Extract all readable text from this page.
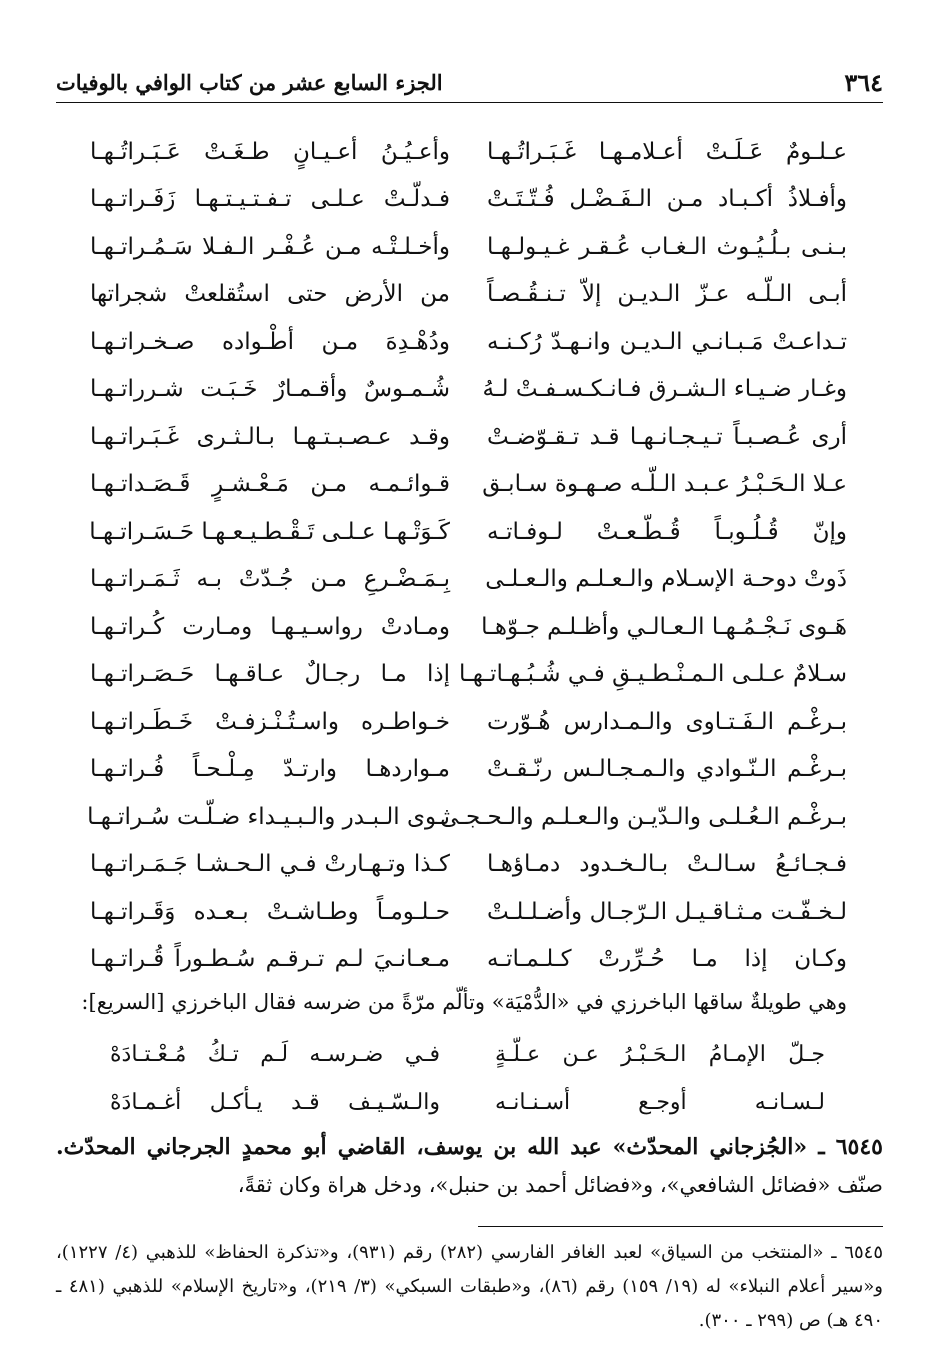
٣٦٤
الجزء السابع عشر من كتاب الوافي بالوفيات
عـلـومٌ عَـلَـتْ أعـلامـهـا غَـبَـراتُـهـا
وأعـيُـنُ أعـيـانٍ طـغَـتْ عَـبَـراتُـهـا
وأفـلاذُ أكـبـاد مـن الـفَـضْـل فُـتّـتَـتْ
فـدلّـتْ عـلـى تـفـتـيـتـهـا زَفَـراتـهـا
بـنـى بـلُـيُـوث الـغـاب عُـقـر غـيـولـهـا
وأخـلـتْـه مـن عُـفْـر الـفـلا سَـمُـراتـهـا
أبـى الـلّـه عـزّ الـديـن إلاّ تـنـقُـصـاً
من الأرض حتى استُقلعتْ شجراتها
تـداعـتْ مَـبـانـي الـديـن وانـهـدّ رُكـنـه
ودُهْـدِهَ مـن أطْـواده صـخـراتـهـا
وغـار ضـيـاء الـشـرق فـانـكـسـفـتْ لـهُ
شُـمـوسٌ وأقـمـارٌ خَـبَـت شـرراتـهـا
أرى عُـصـبـاً تـيـجـانـهـا قـد تـقـوّضـتْ
وقـد عـصـبـتـهـا بـالـثـرى غَـبَـراتـهـا
عـلا الـحَـبْـرُ عـبـد الـلّـه صـهـوة سـابـق
قـوائـمـه مـن مَـعْـشـرٍ قَـصَـداتـهـا
وإنّ قُـلُـوبـاً قُـطّـعـتْ لـوفـاتـه
كَـوَتْـهـا عـلـى تَـقْـطـيـعـهـا حَـسَـراتـهـا
ذَوتْ دوحـة الإسـلام والـعـلـم والـعـلـى
بِـمَـضْـرعِ مـن جُـدّتْ بـه ثَـمَـراتـهـا
هَـوى نَـجْـمُـهـا الـعـالـي وأظـلـم جـوّهـا
ومـادتْ رواسـيـهـا ومـارت كُـراتـهـا
سـلامٌ عـلـى الـمـنْـطـيـقِ فـي شُـبُـهـاتـهـا
إذا مـا رجـالٌ عـاقـهـا حَـصَـراتـهـا
بـرغْـم الـفَـتـاوى والـمـدارس هُـوّرت
خـواطـره واسـتُـنْـزفـتْ خَـطَـراتـهـا
بـرغْـم الـنّـوادي والـمـجـالـس رنّـقـتْ
مـواردهـا وارتـدّ مِـلْـحـاً فُـراتـهـا
بـرغْـم الـعُـلـى والـدّيـن والـعـلـم والـحـجـى
ثـوى الـبـدر والـبـيـداء ضـلّـت سُـراتـهـا
فـجـائـعُ سـالـتْ بـالـخـدود دمـاؤهـا
كـذا وتـهـارتْ فـي الـحـشـا جَـمَـراتـهـا
لـخـفّـت مـثـاقـيـل الـرّجـال وأضـلـلـتْ
حـلـومـاً وطـاشـتْ بـعـده وَقَـراتـهـا
وكـان إذا مـا حُـرِّرتْ كـلـمـاتـه
مـعـانـيَ لـم تـرقـم سُـطـوراً قُـراتـهـا
وهي طويلةٌ ساقها الباخرزي في «الدُّمْيَة» وتألّم مرّةً من ضرسه فقال الباخرزي [السريع]:
جـلّ الإمـامُ الـحَـبْـرُ عـن عـلّـةٍ
فـي ضـرسـه لَـم تـكُ مُـعْـتـادَهْ
لـسـانـه أوجـع أسـنـانـه
والـسّـيـف قـد يـأكـل أغـمـادَهْ
٦٥٤٥ ـ «الجُزجاني المحدّث» عبد الله بن يوسف، القاضي أبو محمدٍ الجرجاني المحدّث. صنّف «فضائل الشافعي»، و«فضائل أحمد بن حنبل»، ودخل هراة وكان ثقةً،
٦٥٤٥ ـ «المنتخب من السياق» لعبد الغافر الفارسي (٢٨٢) رقم (٩٣١)، و«تذكرة الحفاظ» للذهبي (٤/ ١٢٢٧)، و«سير أعلام النبلاء» له (١٩/ ١٥٩) رقم (٨٦)، و«طبقات السبكي» (٣/ ٢١٩)، و«تاريخ الإسلام» للذهبي (٤٨١ ـ ٤٩٠ هـ) ص (٢٩٩ ـ ٣٠٠).
